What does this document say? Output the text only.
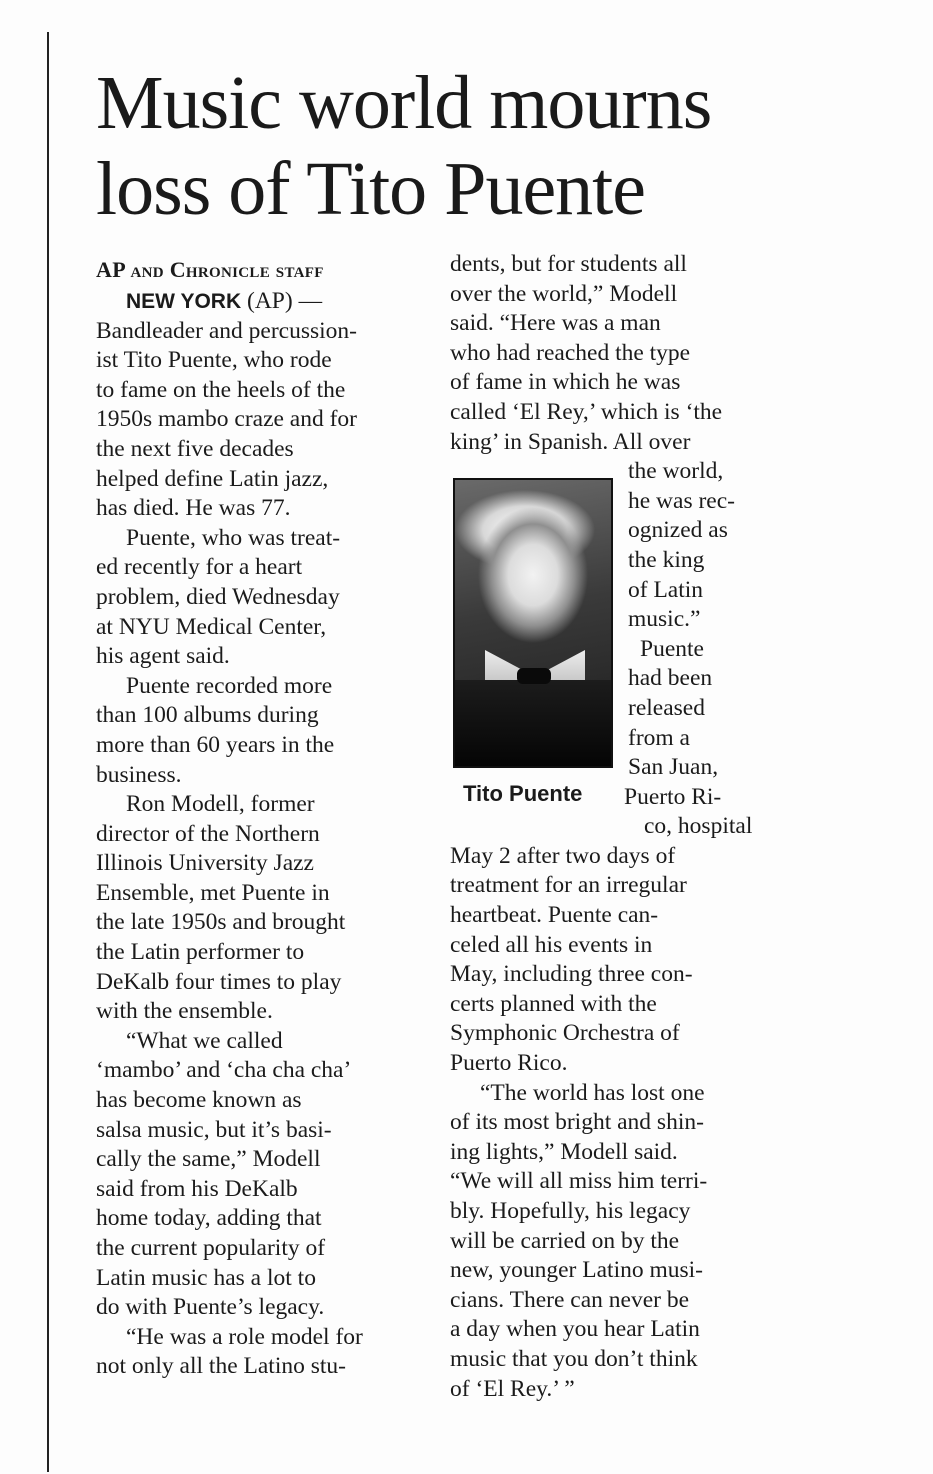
Music world mourns
loss of Tito Puente
AP and Chronicle staff
NEW YORK (AP) —
Bandleader and percussion-
ist Tito Puente, who rode
to fame on the heels of the
1950s mambo craze and for
the next five decades
helped define Latin jazz,
has died. He was 77.
Puente, who was treat-
ed recently for a heart
problem, died Wednesday
at NYU Medical Center,
his agent said.
Puente recorded more
than 100 albums during
more than 60 years in the
business.
Ron Modell, former
director of the Northern
Illinois University Jazz
Ensemble, met Puente in
the late 1950s and brought
the Latin performer to
DeKalb four times to play
with the ensemble.
“What we called
‘mambo’ and ‘cha cha cha’
has become known as
salsa music, but it’s basi-
cally the same,” Modell
said from his DeKalb
home today, adding that
the current popularity of
Latin music has a lot to
do with Puente’s legacy.
“He was a role model for
not only all the Latino stu-
Tito Puente
dents, but for students all
over the world,” Modell
said. “Here was a man
who had reached the type
of fame in which he was
called ‘El Rey,’ which is ‘the
king’ in Spanish. All over
the world,
he was rec-
ognized as
the king
of Latin
music.”
Puente
had been
released
from a
San Juan,
Puerto Ri-
co, hospital
May 2 after two days of
treatment for an irregular
heartbeat. Puente can-
celed all his events in
May, including three con-
certs planned with the
Symphonic Orchestra of
Puerto Rico.
“The world has lost one
of its most bright and shin-
ing lights,” Modell said.
“We will all miss him terri-
bly. Hopefully, his legacy
will be carried on by the
new, younger Latino musi-
cians. There can never be
a day when you hear Latin
music that you don’t think
of ‘El Rey.’ ”
